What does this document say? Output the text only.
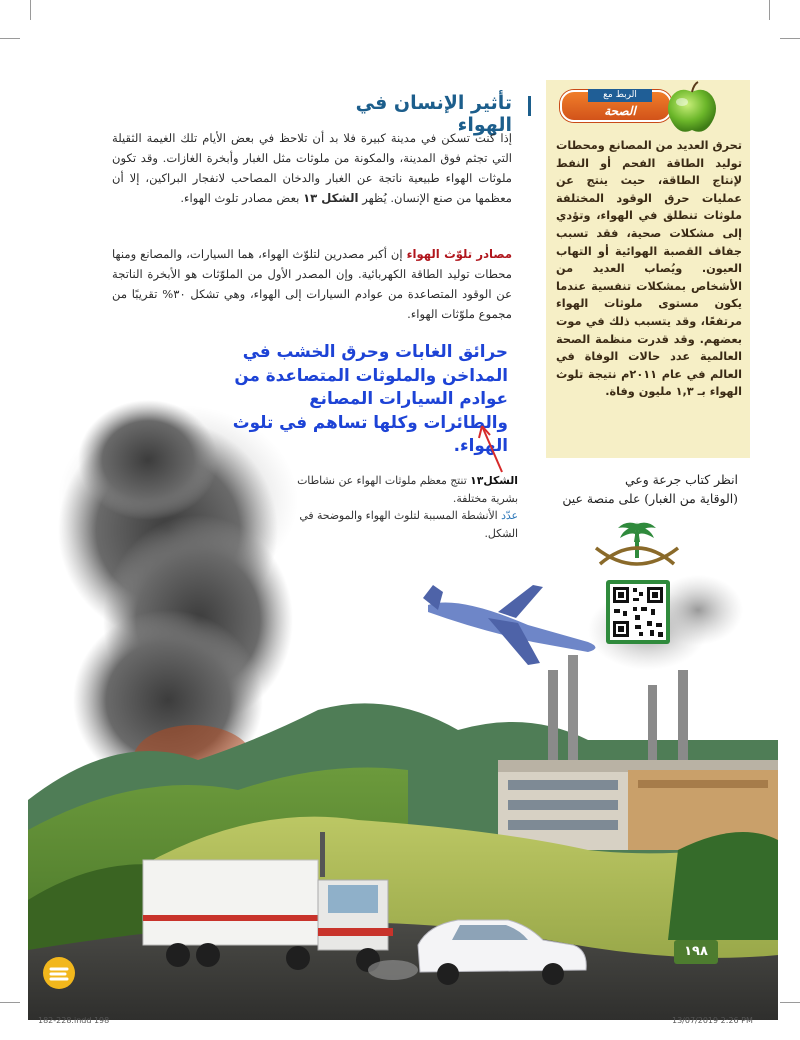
تأثير الإنسان في الهواء
إذا كنت تسكن في مدينة كبيرة فلا بد أن تلاحظ في بعض الأيام تلك الغيمة الثقيلة التي تجثم فوق المدينة، والمكونة من ملوثات مثل الغبار وأبخرة الغازات. وقد تكون ملوثات الهواء طبيعية ناتجة عن الغبار والدخان المصاحب لانفجار البراكين، إلا أن معظمها من صنع الإنسان. يُظهر الشكل ١٣ بعض مصادر تلوث الهواء.
مصادر تلوّث الهواء إن أكبر مصدرين لتلوّث الهواء، هما السيارات، والمصانع ومنها محطات توليد الطاقة الكهربائية. وإن المصدر الأول من الملوّثات هو الأبخرة الناتجة عن الوقود المتصاعدة من عوادم السيارات إلى الهواء، وهي تشكل ٣٠% تقريبًا من مجموع ملوّثات الهواء.
الربط مع
الصحة
تحرق العديد من المصانع ومحطات توليد الطاقة الفحم أو النفط لإنتاج الطاقة، حيث ينتج عن عمليات حرق الوقود المختلفة ملوثات تنطلق في الهواء، وتؤدي إلى مشكلات صحية، فقد تسبب جفاف القصبة الهوائية أو التهاب العيون. ويُصاب العديد من الأشخاص بمشكلات تنفسية عندما يكون مستوى ملوثات الهواء مرتفعًا، وقد يتسبب ذلك في موت بعضهم. وقد قدرت منظمة الصحة العالمية عدد حالات الوفاة في العالم في عام ٢٠١١م نتيجة تلوث الهواء بـ ١,٣ مليون وفاة.
انظر كتاب جرعة وعي
(الوقاية من الغبار) على منصة عين
الشكل١٣ تنتج معظم ملوثات الهواء عن نشاطات بشرية مختلفة.
عدّد الأنشطة المسببة لتلوث الهواء والموضحة في الشكل.
حرائق الغابات وحرق الخشب في
المداخن والملوثات المتصاعدة من
عوادم السيارات المصانع
والطائرات وكلها تساهم في تلوث
الهواء.
١٩٨
182-228.indd 198	13/07/2019 2:26 PM
